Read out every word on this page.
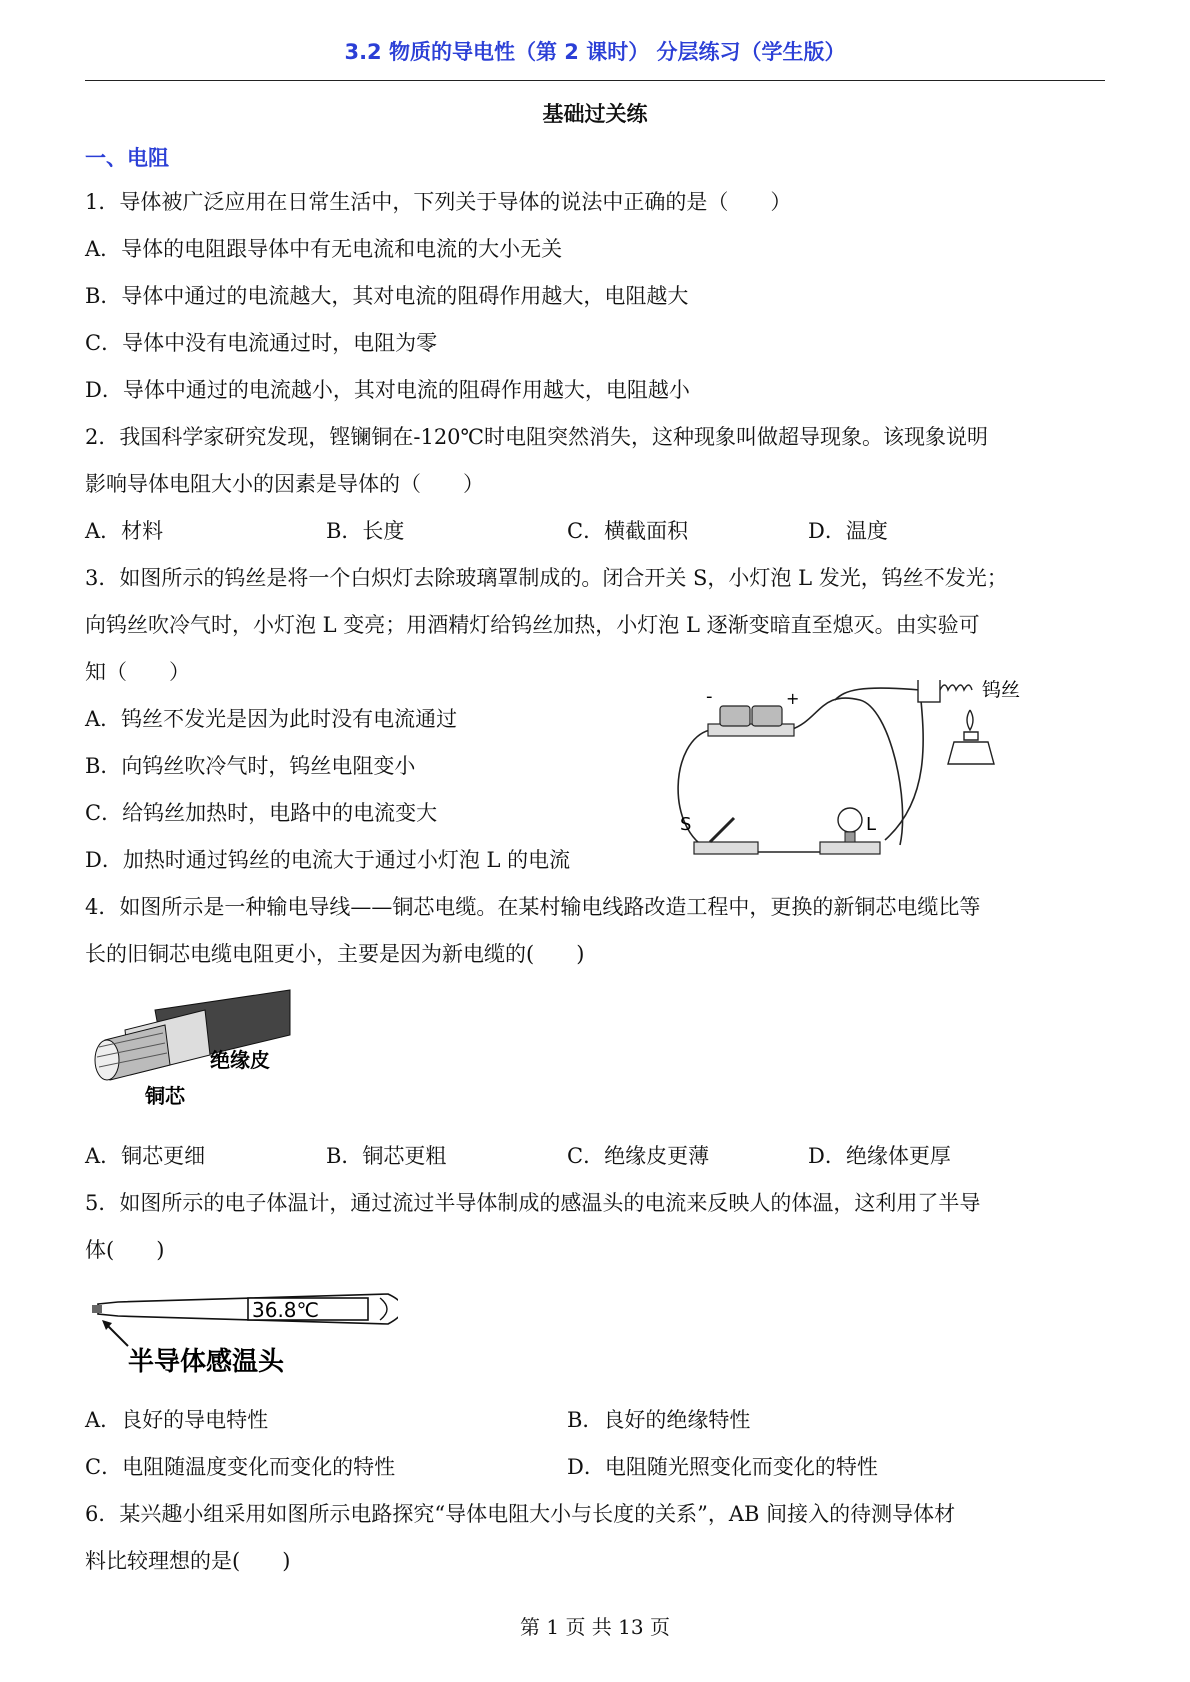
3.2 物质的导电性（第 2 课时） 分层练习（学生版）
基础过关练
一、电阻
1．导体被广泛应用在日常生活中，下列关于导体的说法中正确的是（　　）
A．导体的电阻跟导体中有无电流和电流的大小无关
B．导体中通过的电流越大，其对电流的阻碍作用越大，电阻越大
C．导体中没有电流通过时，电阻为零
D．导体中通过的电流越小，其对电流的阻碍作用越大，电阻越小
2．我国科学家研究发现，铿镧铜在-120℃时电阻突然消失，这种现象叫做超导现象。该现象说明
影响导体电阻大小的因素是导体的（　　）
A．材料	B．长度	C．横截面积	D．温度
3．如图所示的钨丝是将一个白炽灯去除玻璃罩制成的。闭合开关 S，小灯泡 L 发光，钨丝不发光；
向钨丝吹冷气时，小灯泡 L 变亮；用酒精灯给钨丝加热，小灯泡 L 逐渐变暗直至熄灭。由实验可
知（　　）
A．钨丝不发光是因为此时没有电流通过
B．向钨丝吹冷气时，钨丝电阻变小
C．给钨丝加热时，电路中的电流变大
D．加热时通过钨丝的电流大于通过小灯泡 L 的电流
-	+	钨丝
S	L
4．如图所示是一种输电导线——铜芯电缆。在某村输电线路改造工程中，更换的新铜芯电缆比等
长的旧铜芯电缆电阻更小，主要是因为新电缆的(　　)
绝缘皮
铜芯
A．铜芯更细	B．铜芯更粗	C．绝缘皮更薄	D．绝缘体更厚
5．如图所示的电子体温计，通过流过半导体制成的感温头的电流来反映人的体温，这利用了半导
体(　　)
36.8℃
半导体感温头
A．良好的导电特性	B．良好的绝缘特性
C．电阻随温度变化而变化的特性	D．电阻随光照变化而变化的特性
6．某兴趣小组采用如图所示电路探究“导体电阻大小与长度的关系”，AB 间接入的待测导体材
料比较理想的是(　　)
第 1 页 共 13 页
